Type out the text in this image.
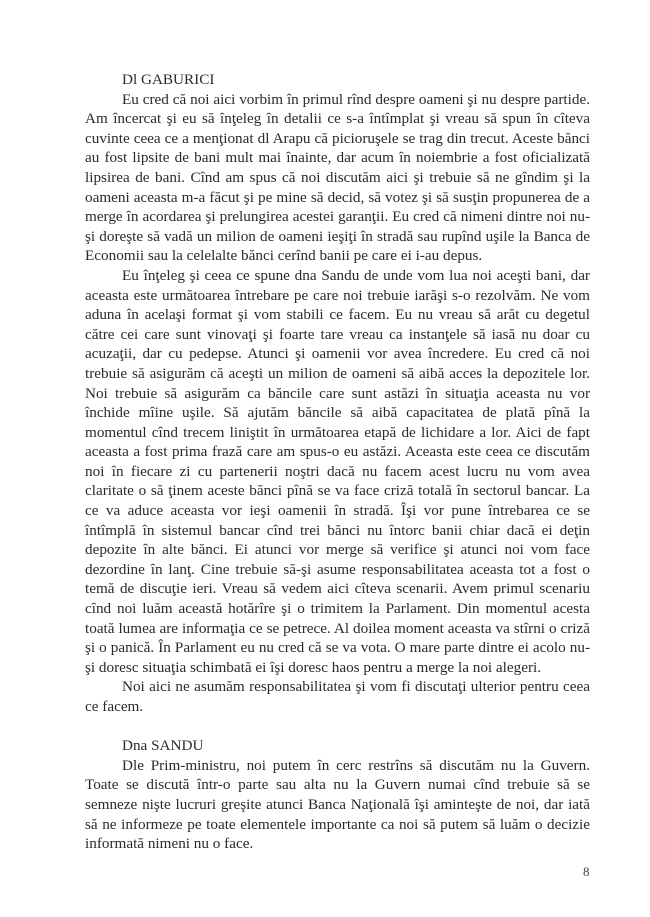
Dl GABURICI
Eu cred că noi aici vorbim în primul rînd despre oameni şi nu despre partide.
Am încercat şi eu să înţeleg în detalii ce s-a întîmplat şi vreau să spun în cîteva
cuvinte ceea ce a menţionat dl Arapu că picioruşele se trag din trecut. Aceste bănci
au fost lipsite de bani mult mai înainte, dar acum în noiembrie a fost oficializată
lipsirea de bani. Cînd am spus că noi discutăm aici şi trebuie să ne gîndim şi la
oameni aceasta m-a făcut şi pe mine să decid, să votez şi să susţin propunerea de a
merge în acordarea şi prelungirea acestei garanţii. Eu cred că nimeni dintre noi nu-
şi doreşte să vadă un milion de oameni ieşiţi în stradă sau rupînd uşile la Banca de
Economii sau la celelalte bănci cerînd banii pe care ei i-au depus.
Eu înţeleg şi ceea ce spune dna Sandu de unde vom lua noi aceşti bani, dar
aceasta este următoarea întrebare pe care noi trebuie iarăşi s-o rezolvăm. Ne vom
aduna în acelaşi format şi vom stabili ce facem. Eu nu vreau să arăt cu degetul
către cei care sunt vinovaţi şi foarte tare vreau ca instanţele să iasă nu doar cu
acuzaţii, dar cu pedepse. Atunci şi oamenii vor avea încredere. Eu cred că noi
trebuie să asigurăm că aceşti un milion de oameni să aibă acces la depozitele lor.
Noi trebuie să asigurăm ca băncile care sunt astăzi în situaţia aceasta nu vor
închide mîine uşile. Să ajutăm băncile să aibă capacitatea de plată pînă la
momentul cînd trecem liniştit în următoarea etapă de lichidare a lor. Aici de fapt
aceasta a fost prima frază care am spus-o eu astăzi. Aceasta este ceea ce discutăm
noi în fiecare zi cu partenerii noştri dacă nu facem acest lucru nu vom avea
claritate o să ţinem aceste bănci pînă se va face criză totală în sectorul bancar. La
ce va aduce aceasta vor ieşi oamenii în stradă. Îşi vor pune întrebarea ce se
întîmplă în sistemul bancar cînd trei bănci nu întorc banii chiar dacă ei deţin
depozite în alte bănci. Ei atunci vor merge să verifice şi atunci noi vom face
dezordine în lanţ. Cine trebuie să-şi asume responsabilitatea aceasta tot a fost o
temă de discuţie ieri. Vreau să vedem aici cîteva scenarii. Avem primul scenariu
cînd noi luăm această hotărîre şi o trimitem la Parlament. Din momentul acesta
toată lumea are informaţia ce se petrece. Al doilea moment aceasta va stîrni o criză
şi o panică. În Parlament eu nu cred că se va vota. O mare parte dintre ei acolo nu-
şi doresc situaţia schimbată ei îşi doresc haos pentru a merge la noi alegeri.
Noi aici ne asumăm responsabilitatea şi vom fi discutaţi ulterior pentru ceea
ce facem.
Dna SANDU
Dle Prim-ministru, noi putem în cerc restrîns să discutăm nu la Guvern.
Toate se discută într-o parte sau alta nu la Guvern numai cînd trebuie să se
semneze nişte lucruri greşite atunci Banca Naţională îşi aminteşte de noi, dar iată
să ne informeze pe toate elementele importante ca noi să putem să luăm o decizie
informată nimeni nu o face.
8
